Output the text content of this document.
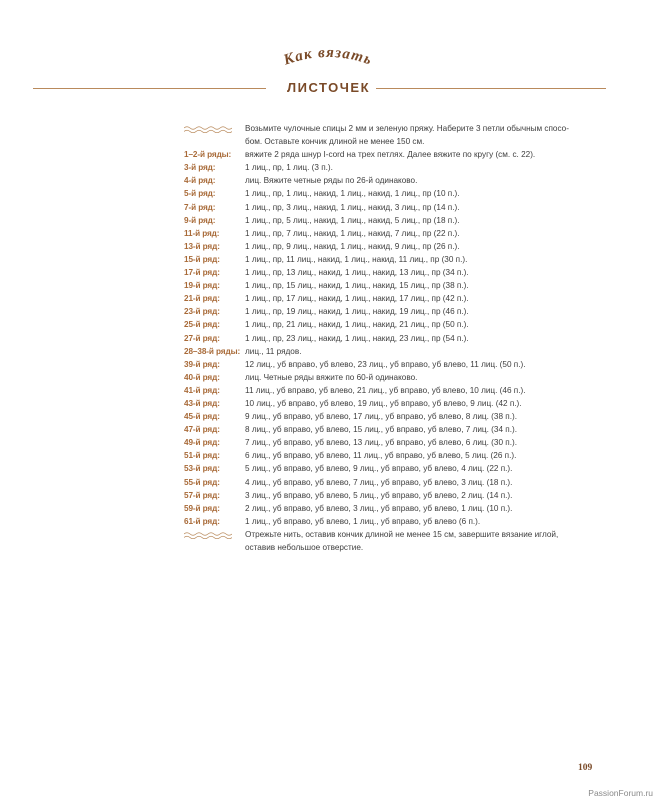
Как вязать
ЛИСТОЧЕК
Возьмите чулочные спицы 2 мм и зеленую пряжу. Наберите 3 петли обычным спосо-
бом. Оставьте кончик длиной не менее 150 см.
1–2-й ряды:	вяжите 2 ряда шнур I-cord на трех петлях. Далее вяжите по кругу (см. с. 22).
3-й ряд:	1 лиц., пр, 1 лиц. (3 п.).
4-й ряд:	лиц. Вяжите четные ряды по 26-й одинаково.
5-й ряд:	1 лиц., пр, 1 лиц., накид, 1 лиц., накид, 1 лиц., пр (10 п.).
7-й ряд:	1 лиц., пр, 3 лиц., накид, 1 лиц., накид, 3 лиц., пр (14 п.).
9-й ряд:	1 лиц., пр, 5 лиц., накид, 1 лиц., накид, 5 лиц., пр (18 п.).
11-й ряд:	1 лиц., пр, 7 лиц., накид, 1 лиц., накид, 7 лиц., пр (22 п.).
13-й ряд:	1 лиц., пр, 9 лиц., накид, 1 лиц., накид, 9 лиц., пр (26 п.).
15-й ряд:	1 лиц., пр, 11 лиц., накид, 1 лиц., накид, 11 лиц., пр (30 п.).
17-й ряд:	1 лиц., пр, 13 лиц., накид, 1 лиц., накид, 13 лиц., пр (34 п.).
19-й ряд:	1 лиц., пр, 15 лиц., накид, 1 лиц., накид, 15 лиц., пр (38 п.).
21-й ряд:	1 лиц., пр, 17 лиц., накид, 1 лиц., накид, 17 лиц., пр (42 п.).
23-й ряд:	1 лиц., пр, 19 лиц., накид, 1 лиц., накид, 19 лиц., пр (46 п.).
25-й ряд:	1 лиц., пр, 21 лиц., накид, 1 лиц., накид, 21 лиц., пр (50 п.).
27-й ряд:	1 лиц., пр, 23 лиц., накид, 1 лиц., накид, 23 лиц., пр (54 п.).
28–38-й ряды: лиц., 11 рядов.
39-й ряд:	12 лиц., уб вправо, уб влево, 23 лиц., уб вправо, уб влево, 11 лиц. (50 п.).
40-й ряд:	лиц. Четные ряды вяжите по 60-й одинаково.
41-й ряд:	11 лиц., уб вправо, уб влево, 21 лиц., уб вправо, уб влево, 10 лиц. (46 п.).
43-й ряд:	10 лиц., уб вправо, уб влево, 19 лиц., уб вправо, уб влево, 9 лиц. (42 п.).
45-й ряд:	9 лиц., уб вправо, уб влево, 17 лиц., уб вправо, уб влево, 8 лиц. (38 п.).
47-й ряд:	8 лиц., уб вправо, уб влево, 15 лиц., уб вправо, уб влево, 7 лиц. (34 п.).
49-й ряд:	7 лиц., уб вправо, уб влево, 13 лиц., уб вправо, уб влево, 6 лиц. (30 п.).
51-й ряд:	6 лиц., уб вправо, уб влево, 11 лиц., уб вправо, уб влево, 5 лиц. (26 п.).
53-й ряд:	5 лиц., уб вправо, уб влево, 9 лиц., уб вправо, уб влево, 4 лиц. (22 п.).
55-й ряд:	4 лиц., уб вправо, уб влево, 7 лиц., уб вправо, уб влево, 3 лиц. (18 п.).
57-й ряд:	3 лиц., уб вправо, уб влево, 5 лиц., уб вправо, уб влево, 2 лиц. (14 п.).
59-й ряд:	2 лиц., уб вправо, уб влево, 3 лиц., уб вправо, уб влево, 1 лиц. (10 п.).
61-й ряд:	1 лиц., уб вправо, уб влево, 1 лиц., уб вправо, уб влево (6 п.).
Отрежьте нить, оставив кончик длиной не менее 15 см, завершите вязание иглой,
оставив небольшое отверстие.
109
PassionForum.ru
